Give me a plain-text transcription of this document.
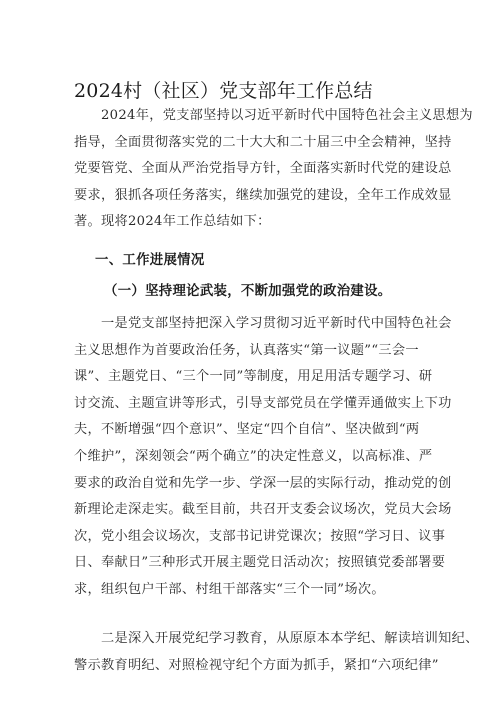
2024村（社区）党支部年工作总结
　　2024年，党支部坚持以习近平新时代中国特色社会主义思想为
指导，全面贯彻落实党的二十大大和二十届三中全会精神，坚持
党要管党、全面从严治党指导方针，全面落实新时代党的建设总
要求，狠抓各项任务落实，继续加强党的建设，全年工作成效显
著。现将2024年工作总结如下：
一、工作进展情况
（一）坚持理论武装，不断加强党的政治建设。
　　一是党支部坚持把深入学习贯彻习近平新时代中国特色社会
主义思想作为首要政治任务，认真落实“第一议题”“三会一
课”、主题党日、“三个一同”等制度，用足用活专题学习、研
讨交流、主题宣讲等形式，引导支部党员在学懂弄通做实上下功
夫，不断增强“四个意识”、坚定“四个自信”、坚决做到“两
个维护”，深刻领会“两个确立”的决定性意义，以高标准、严
要求的政治自觉和先学一步、学深一层的实际行动，推动党的创
新理论走深走实。截至目前，共召开支委会议场次，党员大会场
次，党小组会议场次，支部书记讲党课次；按照“学习日、议事
日、奉献日”三种形式开展主题党日活动次；按照镇党委部署要
求，组织包户干部、村组干部落实“三个一同”场次。
　　二是深入开展党纪学习教育，从原原本本学纪、解读培训知纪、
警示教育明纪、对照检视守纪个方面为抓手，紧扣“六项纪律”
